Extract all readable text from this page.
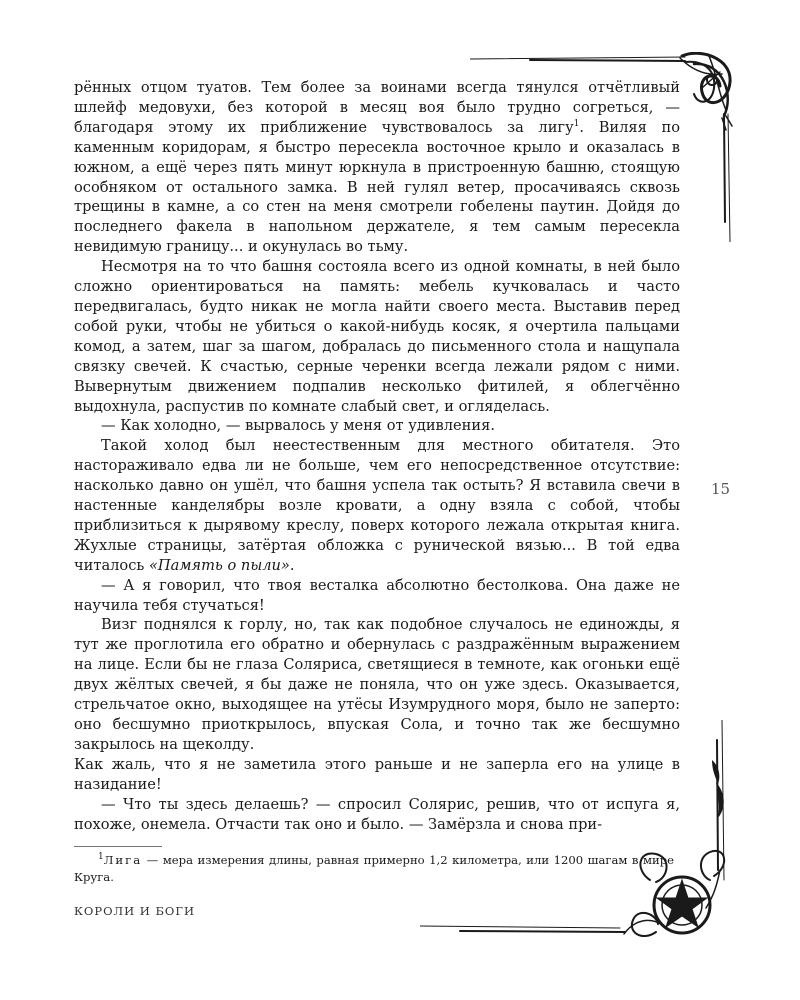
рённых отцом туатов. Тем более за воинами всегда тянулся отчётливый шлейф медовухи, без которой в месяц воя было трудно согреться, — благодаря этому их приближение чувствовалось за лигу$^1$. Виляя по каменным коридорам, я быстро пересекла восточное крыло и оказалась в южном, а ещё через пять минут юркнула в пристроенную башню, стоящую особняком от остального замка. В ней гулял ветер, просачиваясь сквозь трещины в камне, а со стен на меня смотрели гобелены паутин. Дойдя до последнего факела в напольном держателе, я тем самым пересекла невидимую границу... и окунулась во тьму.

Несмотря на то что башня состояла всего из одной комнаты, в ней было сложно ориентироваться на память: мебель кучковалась и часто передвигалась, будто никак не могла найти своего места. Выставив перед собой руки, чтобы не убиться о какой-нибудь косяк, я очертила пальцами комод, а затем, шаг за шагом, добралась до письменного стола и нащупала связку свечей. К счастью, серные черенки всегда лежали рядом с ними. Вывернутым движением подпалив несколько фитилей, я облегчённо выдохнула, распустив по комнате слабый свет, и огляделась.

— Как холодно, — вырвалось у меня от удивления.

Такой холод был неестественным для местного обитателя. Это настораживало едва ли не больше, чем его непосредственное отсутствие: насколько давно он ушёл, что башня успела так остыть? Я вставила свечи в настенные канделябры возле кровати, а одну взяла с собой, чтобы приблизиться к дырявому креслу, поверх которого лежала открытая книга. Жухлые страницы, затёртая обложка с рунической вязью... В той едва читалось «Память о пыли».

— А я говорил, что твоя весталка абсолютно бестолкова. Она даже не научила тебя стучаться!

Визг поднялся к горлу, но, так как подобное случалось не единожды, я тут же проглотила его обратно и обернулась с раздражённым выражением на лице. Если бы не глаза Соляриса, светящиеся в темноте, как огоньки ещё двух жёлтых свечей, я бы даже не поняла, что он уже здесь. Оказывается, стрельчатое окно, выходящее на утёсы Изумрудного моря, было не заперто: оно бесшумно приоткрылось, впуская Сола, и точно так же бесшумно закрылось на щеколду.

Как жаль, что я не заметила этого раньше и не заперла его на улице в назидание!

— Что ты здесь делаешь? — спросил Солярис, решив, что от испуга я, похоже, онемела. Отчасти так оно и было. — Замёрзла и снова при-

15
$^1$Лига — мера измерения длины, равная примерно 1,2 километра, или 1200 шагам в мире Круга.
КОРОЛИ И БОГИ
